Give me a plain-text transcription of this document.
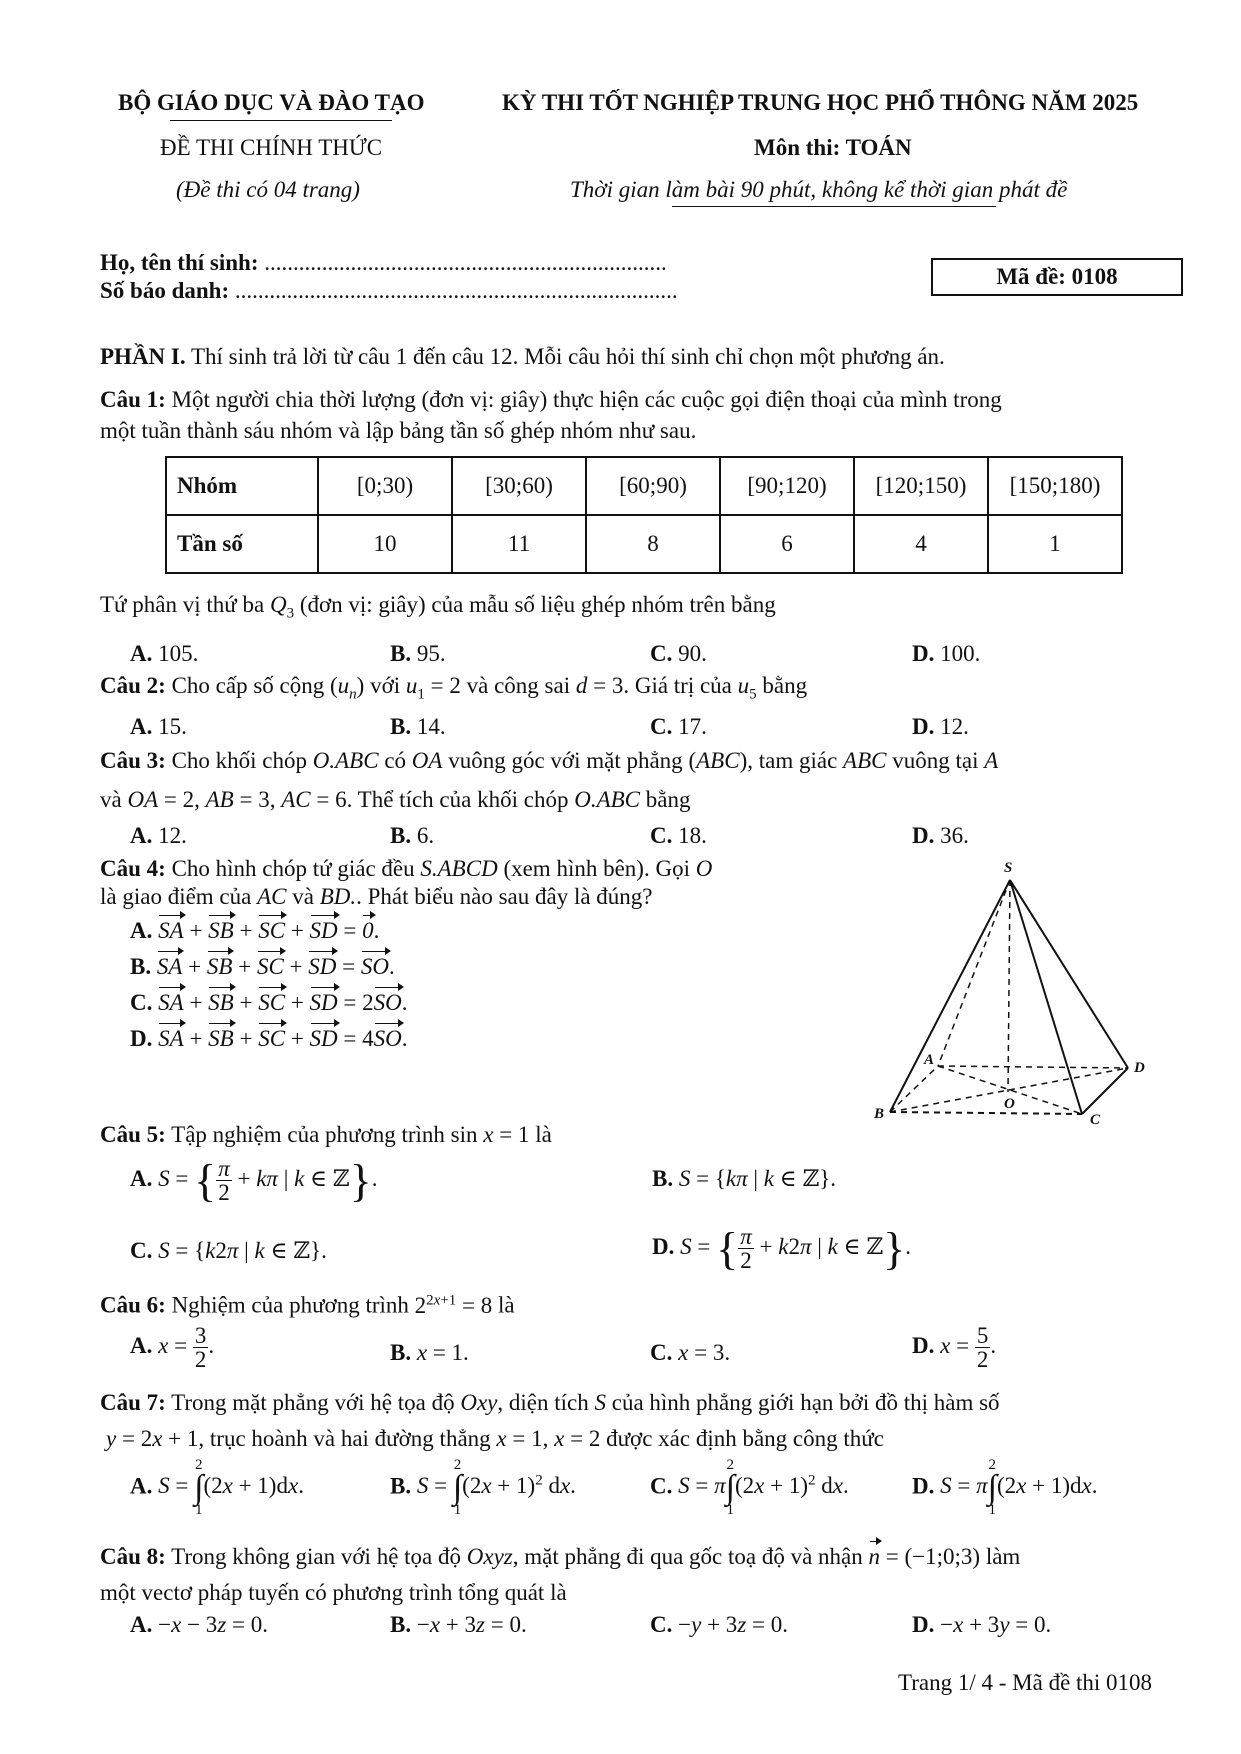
BỘ GIÁO DỤC VÀ ĐÀO TẠO	KỲ THI TỐT NGHIỆP TRUNG HỌC PHỔ THÔNG NĂM 2025
ĐỀ THI CHÍNH THỨC	Môn thi: TOÁN
(Đề thi có 04 trang)	Thời gian làm bài 90 phút, không kể thời gian phát đề
Họ, tên thí sinh: ......................................................................
Số báo danh: .............................................................................
Mã đề: 0108
PHẦN I. Thí sinh trả lời từ câu 1 đến câu 12. Mỗi câu hỏi thí sinh chỉ chọn một phương án.
Câu 1: Một người chia thời lượng (đơn vị: giây) thực hiện các cuộc gọi điện thoại của mình trong
một tuần thành sáu nhóm và lập bảng tần số ghép nhóm như sau.
Nhóm	[0;30)	[30;60)	[60;90)	[90;120)	[120;150)	[150;180)
Tần số	10	11	8	6	4	1
Tứ phân vị thứ ba $Q_3$ (đơn vị: giây) của mẫu số liệu ghép nhóm trên bằng
A. 105.	B. 95.	C. 90.	D. 100.
Câu 2: Cho cấp số cộng $(u_n)$ với $u_1 = 2$ và công sai d = 3. Giá trị của $u_5$ bằng
A. 15.	B. 14.	C. 17.	D. 12.
Câu 3: Cho khối chóp O.ABC có OA vuông góc với mặt phẳng (ABC), tam giác ABC vuông tại A
và OA = 2, AB = 3, AC = 6. Thể tích của khối chóp O.ABC bằng
A. 12.	B. 6.	C. 18.	D. 36.
Câu 4: Cho hình chóp tứ giác đều S.ABCD (xem hình bên). Gọi O
là giao điểm của AC và BD.. Phát biểu nào sau đây là đúng?
A. SA + SB + SC + SD = 0.
B. SA + SB + SC + SD = SO.
C. SA + SB + SC + SD = 2SO.
D. SA + SB + SC + SD = 4SO.
S
A	D
O
B	C
Câu 5: Tập nghiệm của phương trình sin x = 1 là
A. S = { $\frac{\pi}{2} + k\pi$ | k ∈ ℤ}.	B. S = {kπ | k ∈ ℤ}.
C. S = {k2π | k ∈ ℤ}.	D. S = { $\frac{\pi}{2} + k2\pi$ | k ∈ ℤ}.
Câu 6: Nghiệm của phương trình $2^{2x+1} = 8$ là
A. $x = \frac{3}{2}$ .	B. x = 1.	C. x = 3.	D. $x = \frac{5}{2}$ .
Câu 7: Trong mặt phẳng với hệ tọa độ Oxy, diện tích S của hình phẳng giới hạn bởi đồ thị hàm số
y = 2x + 1, trục hoành và hai đường thẳng x = 1, x = 2 được xác định bằng công thức
A. S = 2
∫
1(2x + 1)dx.	B. S = 2
∫
$1(2x + 1)^2$ dx.	C. S = π2
∫
$1(2x + 1)^2$ dx.	D. S = π2
∫
1(2x + 1)dx.
Câu 8: Trong không gian với hệ tọa độ Oxyz, mặt phẳng đi qua gốc toạ độ và nhận n = (−1;0;3) làm
một vectơ pháp tuyến có phương trình tổng quát là
A. −x − 3z = 0.	B. −x + 3z = 0.	C. −y + 3z = 0.	D. −x + 3y = 0.
Trang 1/ 4 - Mã đề thi 0108
